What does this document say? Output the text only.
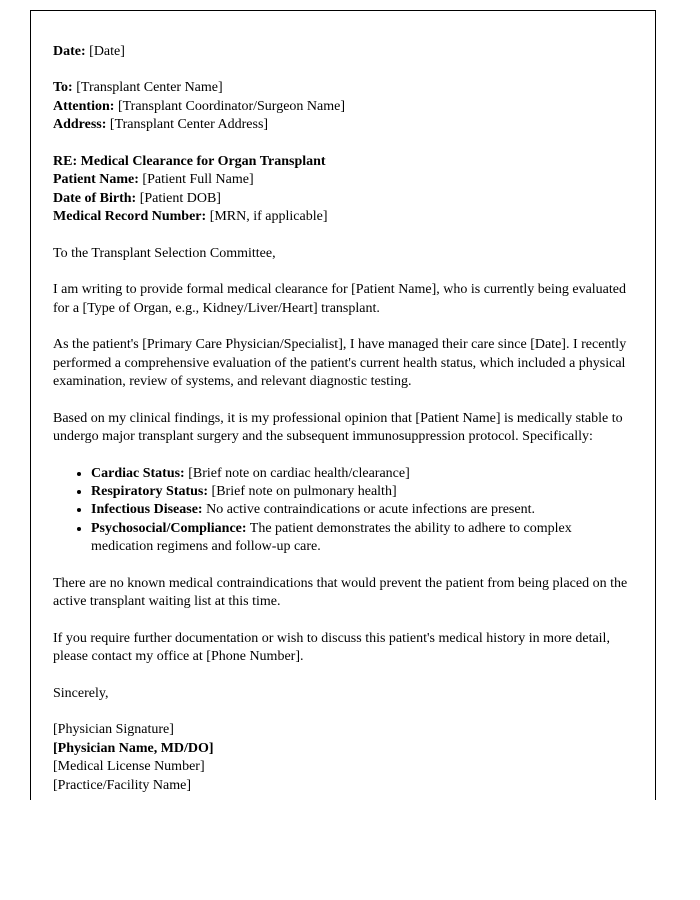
Date: [Date]

To: [Transplant Center Name]

Attention: [Transplant Coordinator/Surgeon Name]

Address: [Transplant Center Address]

RE: Medical Clearance for Organ Transplant

Patient Name: [Patient Full Name]

Date of Birth: [Patient DOB]

Medical Record Number: [MRN, if applicable]

To the Transplant Selection Committee,

I am writing to provide formal medical clearance for [Patient Name], who is currently being evaluated for a [Type of Organ, e.g., Kidney/Liver/Heart] transplant.

As the patient's [Primary Care Physician/Specialist], I have managed their care since [Date]. I recently performed a comprehensive evaluation of the patient's current health status, which included a physical examination, review of systems, and relevant diagnostic testing.

Based on my clinical findings, it is my professional opinion that [Patient Name] is medically stable to undergo major transplant surgery and the subsequent immunosuppression protocol. Specifically:

• Cardiac Status: [Brief note on cardiac health/clearance]
• Respiratory Status: [Brief note on pulmonary health]
• Infectious Disease: No active contraindications or acute infections are present.
• Psychosocial/Compliance: The patient demonstrates the ability to adhere to complex medication regimens and follow-up care.

There are no known medical contraindications that would prevent the patient from being placed on the active transplant waiting list at this time.

If you require further documentation or wish to discuss this patient's medical history in more detail, please contact my office at [Phone Number].

Sincerely,

[Physician Signature]

[Physician Name, MD/DO]

[Medical License Number]

[Practice/Facility Name]
